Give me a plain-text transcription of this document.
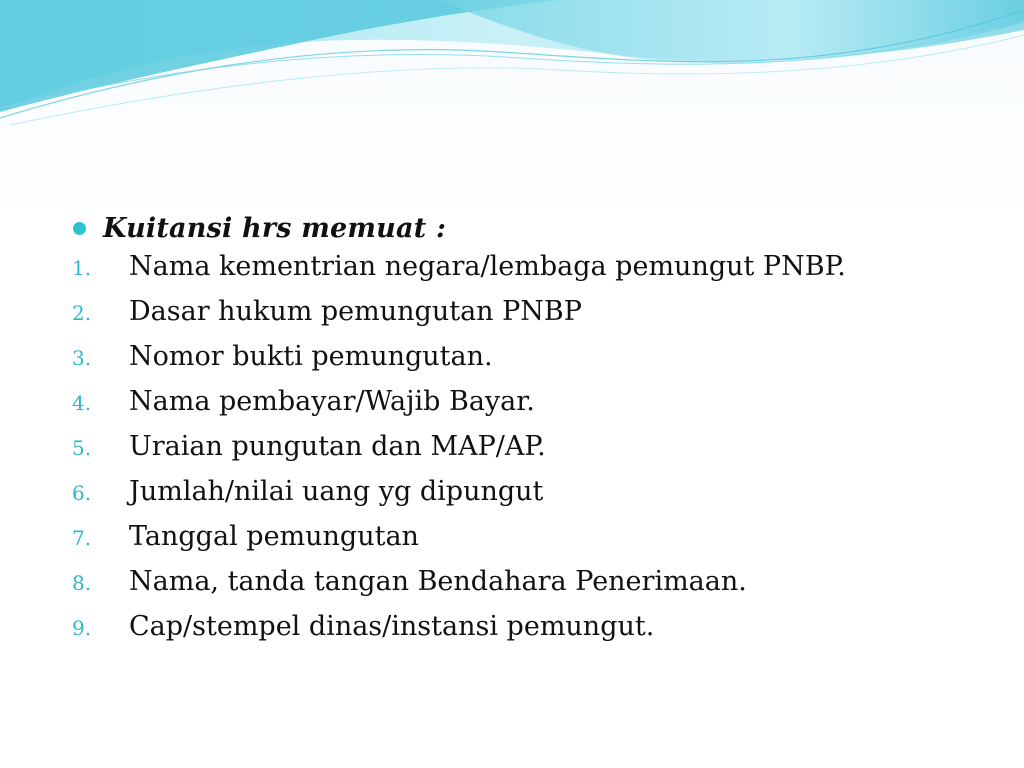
Kuitansi hrs memuat :
1.	Nama kementrian negara/lembaga pemungut PNBP.
2.	Dasar hukum pemungutan PNBP
3.	Nomor bukti pemungutan.
4.	Nama pembayar/Wajib Bayar.
5.	Uraian pungutan dan MAP/AP.
6.	Jumlah/nilai uang yg dipungut
7.	Tanggal pemungutan
8.	Nama, tanda tangan Bendahara Penerimaan.
9.	Cap/stempel dinas/instansi pemungut.
